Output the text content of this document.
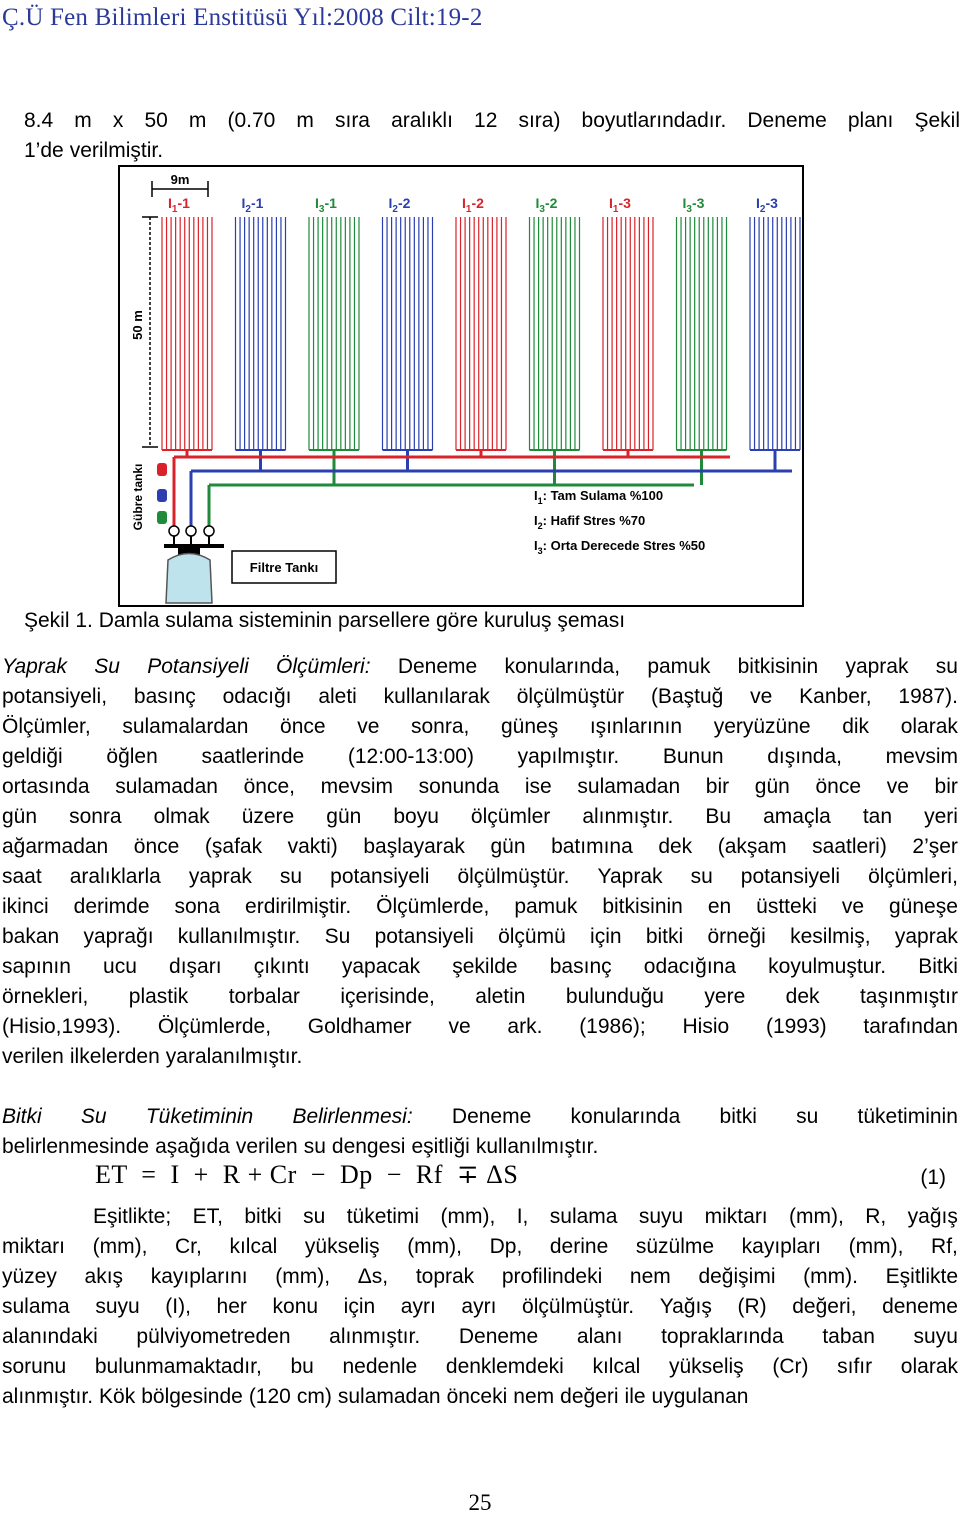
Ç.Ü Fen Bilimleri Enstitüsü Yıl:2008 Cilt:19-2
8.4 m x 50 m (0.70 m sıra aralıklı 12 sıra) boyutlarındadır. Deneme planı Şekil
1’de verilmiştir.
9m
50 m
$I_1-1$	$I_2-1$	$I_3-1$	$I_2-2$	$I_1-2$	$I_3-2$	$I_1-3$	$I_3-3$	$I_2-3$
Gübre tankı
Filtre Tankı
$I_1$: Tam Sulama %100
$I_2$: Hafif Stres %70
$I_3$: Orta Derecede Stres %50
Şekil 1. Damla sulama sisteminin parsellere göre kuruluş şeması
Yaprak Su Potansiyeli Ölçümleri: Deneme konularında, pamuk bitkisinin yaprak su
potansiyeli, basınç odacığı aleti kullanılarak ölçülmüştür (Baştuğ ve Kanber, 1987).
Ölçümler, sulamalardan önce ve sonra, güneş ışınlarının yeryüzüne dik olarak
geldiği öğlen saatlerinde (12:00-13:00) yapılmıştır. Bunun dışında, mevsim
ortasında sulamadan önce, mevsim sonunda ise sulamadan bir gün önce ve bir
gün sonra olmak üzere gün boyu ölçümler alınmıştır. Bu amaçla tan yeri
ağarmadan önce (şafak vakti) başlayarak gün batımına dek (akşam saatleri) 2’şer
saat aralıklarla yaprak su potansiyeli ölçülmüştür. Yaprak su potansiyeli ölçümleri,
ikinci derimde sona erdirilmiştir. Ölçümlerde, pamuk bitkisinin en üstteki ve güneşe
bakan yaprağı kullanılmıştır. Su potansiyeli ölçümü için bitki örneği kesilmiş, yaprak
sapının ucu dışarı çıkıntı yapacak şekilde basınç odacığına koyulmuştur. Bitki
örnekleri, plastik torbalar içerisinde, aletin bulunduğu yere dek taşınmıştır
(Hisio,1993). Ölçümlerde, Goldhamer ve ark. (1986); Hisio (1993) tarafından
verilen ilkelerden yaralanılmıştır.
Bitki Su Tüketiminin Belirlenmesi: Deneme konularında bitki su tüketiminin
belirlenmesinde aşağıda verilen su dengesi eşitliği kullanılmıştır.
ET  =  I  +  R + Cr  −  Dp  −  Rf  ∓ ΔS	(1)
Eşitlikte; ET, bitki su tüketimi (mm), I, sulama suyu miktarı (mm), R, yağış
miktarı (mm), Cr, kılcal yükseliş (mm), Dp, derine süzülme kayıpları (mm), Rf,
yüzey akış kayıplarını (mm), Δs, toprak profilindeki nem değişimi (mm). Eşitlikte
sulama suyu (I), her konu için ayrı ayrı ölçülmüştür. Yağış (R) değeri, deneme
alanındaki pülviyometreden alınmıştır. Deneme alanı topraklarında taban suyu
sorunu bulunmamaktadır, bu nedenle denklemdeki kılcal yükseliş (Cr) sıfır olarak
alınmıştır. Kök bölgesinde (120 cm) sulamadan önceki nem değeri ile uygulanan
25
